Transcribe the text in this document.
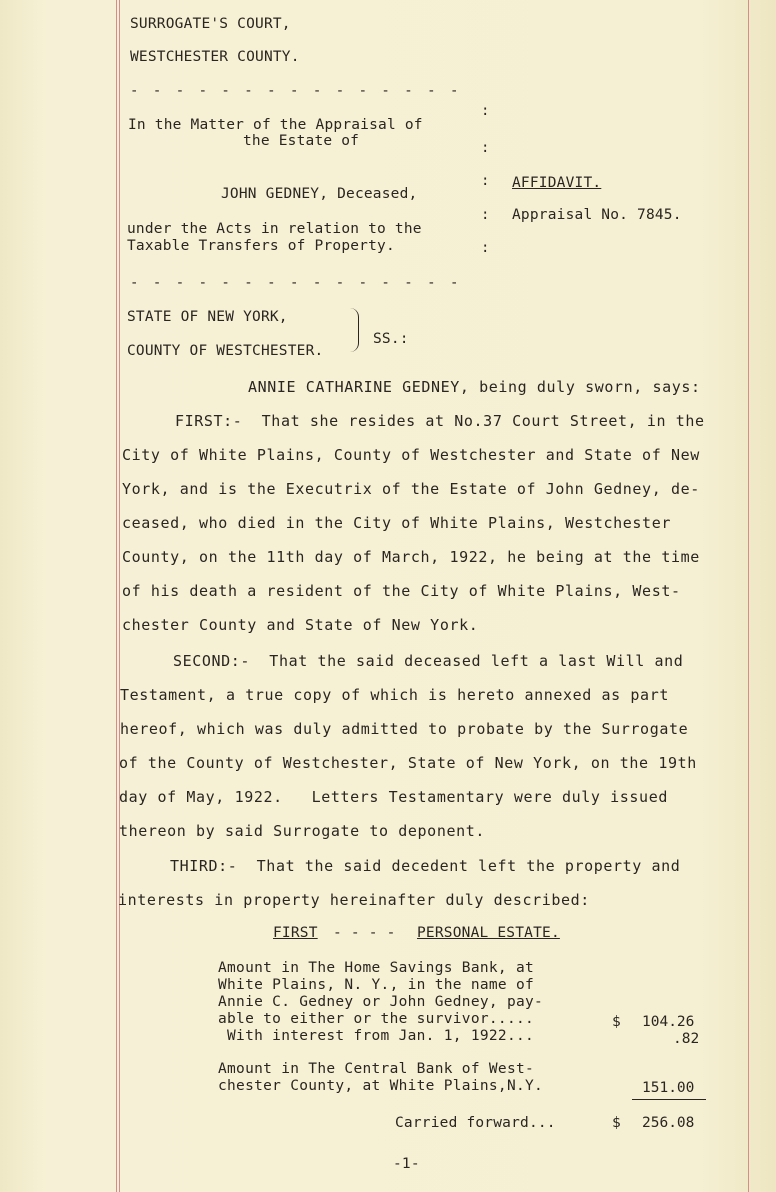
SURROGATE'S COURT,
WESTCHESTER COUNTY.
- - - - - - - - - - - - - - -
In the Matter of the Appraisal of
the Estate of
JOHN GEDNEY, Deceased,
under the Acts in relation to the
Taxable Transfers of Property.
:
:
:
:
:
AFFIDAVIT.
Appraisal No. 7845.
- - - - - - - - - - - - - - -
STATE OF NEW YORK,
COUNTY OF WESTCHESTER.
SS.:
ANNIE CATHARINE GEDNEY, being duly sworn, says:
FIRST:-  That she resides at No.37 Court Street, in the
City of White Plains, County of Westchester and State of New
York, and is the Executrix of the Estate of John Gedney, de-
ceased, who died in the City of White Plains, Westchester
County, on the 11th day of March, 1922, he being at the time
of his death a resident of the City of White Plains, West-
chester County and State of New York.
SECOND:-  That the said deceased left a last Will and
Testament, a true copy of which is hereto annexed as part
hereof, which was duly admitted to probate by the Surrogate
of the County of Westchester, State of New York, on the 19th
day of May, 1922.   Letters Testamentary were duly issued
thereon by said Surrogate to deponent.
THIRD:-  That the said decedent left the property and
interests in property hereinafter duly described:
FIRST - - - - PERSONAL ESTATE.
Amount in The Home Savings Bank, at
White Plains, N. Y., in the name of
Annie C. Gedney or John Gedney, pay-
able to either or the survivor.....
With interest from Jan. 1, 1922...
$ 104.26
.82
Amount in The Central Bank of West-
chester County, at White Plains,N.Y.	151.00
Carried forward...	$ 256.08
-1-
